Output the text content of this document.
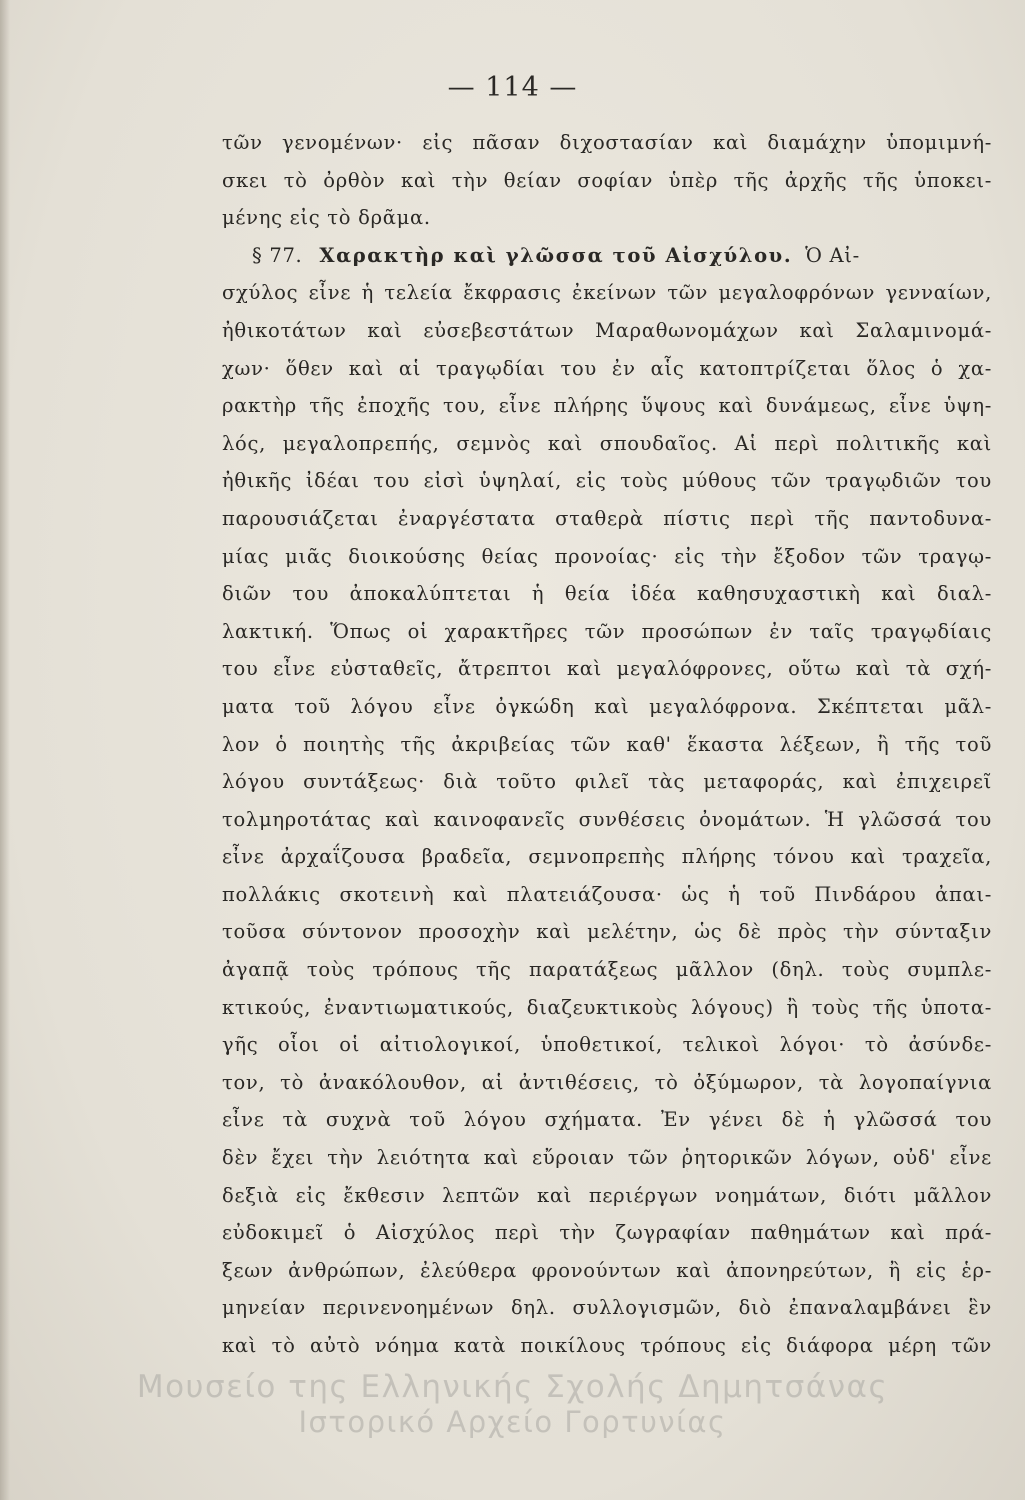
— 114 —
τῶν γενομένων· εἰς πᾶσαν διχοστασίαν καὶ διαμάχην ὑπομιμνή-
σκει τὸ ὀρθὸν καὶ τὴν θείαν σοφίαν ὑπὲρ τῆς ἀρχῆς τῆς ὑποκει-
μένης εἰς τὸ δρᾶμα.
§ 77. Χαρακτὴρ καὶ γλῶσσα τοῦ Αἰσχύλου. Ὁ Αἰ-
σχύλος εἶνε ἡ τελεία ἔκφρασις ἐκείνων τῶν μεγαλοφρόνων γενναίων,
ἠθικοτάτων καὶ εὐσεβεστάτων Μαραθωνομάχων καὶ Σαλαμινομά-
χων· ὅθεν καὶ αἱ τραγῳδίαι του ἐν αἷς κατοπτρίζεται ὅλος ὁ χα-
ρακτὴρ τῆς ἐποχῆς του, εἶνε πλήρης ὕψους καὶ δυνάμεως, εἶνε ὑψη-
λός, μεγαλοπρεπής, σεμνὸς καὶ σπουδαῖος. Αἱ περὶ πολιτικῆς καὶ
ἠθικῆς ἰδέαι του εἰσὶ ὑψηλαί, εἰς τοὺς μύθους τῶν τραγῳδιῶν του
παρουσιάζεται ἐναργέστατα σταθερὰ πίστις περὶ τῆς παντοδυνα-
μίας μιᾶς διοικούσης θείας προνοίας· εἰς τὴν ἔξοδον τῶν τραγῳ-
διῶν του ἀποκαλύπτεται ἡ θεία ἰδέα καθησυχαστικὴ καὶ διαλ-
λακτική. Ὅπως οἱ χαρακτῆρες τῶν προσώπων ἐν ταῖς τραγῳδίαις
του εἶνε εὐσταθεῖς, ἄτρεπτοι καὶ μεγαλόφρονες, οὕτω καὶ τὰ σχή-
ματα τοῦ λόγου εἶνε ὀγκώδη καὶ μεγαλόφρονα. Σκέπτεται μᾶλ-
λον ὁ ποιητὴς τῆς ἀκριβείας τῶν καθ' ἕκαστα λέξεων, ἢ τῆς τοῦ
λόγου συντάξεως· διὰ τοῦτο φιλεῖ τὰς μεταφοράς, καὶ ἐπιχειρεῖ
τολμηροτάτας καὶ καινοφανεῖς συνθέσεις ὀνομάτων. Ἡ γλῶσσά του
εἶνε ἀρχαΐζουσα βραδεῖα, σεμνοπρεπὴς πλήρης τόνου καὶ τραχεῖα,
πολλάκις σκοτεινὴ καὶ πλατειάζουσα· ὡς ἡ τοῦ Πινδάρου ἀπαι-
τοῦσα σύντονον προσοχὴν καὶ μελέτην, ὡς δὲ πρὸς τὴν σύνταξιν
ἀγαπᾷ τοὺς τρόπους τῆς παρατάξεως μᾶλλον (δηλ. τοὺς συμπλε-
κτικούς, ἐναντιωματικούς, διαζευκτικοὺς λόγους) ἢ τοὺς τῆς ὑποτα-
γῆς οἷοι οἱ αἰτιολογικοί, ὑποθετικοί, τελικοὶ λόγοι· τὸ ἀσύνδε-
τον, τὸ ἀνακόλουθον, αἱ ἀντιθέσεις, τὸ ὀξύμωρον, τὰ λογοπαίγνια
εἶνε τὰ συχνὰ τοῦ λόγου σχήματα. Ἐν γένει δὲ ἡ γλῶσσά του
δὲν ἔχει τὴν λειότητα καὶ εὔροιαν τῶν ῥητορικῶν λόγων, οὐδ' εἶνε
δεξιὰ εἰς ἔκθεσιν λεπτῶν καὶ περιέργων νοημάτων, διότι μᾶλλον
εὐδοκιμεῖ ὁ Αἰσχύλος περὶ τὴν ζωγραφίαν παθημάτων καὶ πρά-
ξεων ἀνθρώπων, ἐλεύθερα φρονούντων καὶ ἀπονηρεύτων, ἢ εἰς ἑρ-
μηνείαν περινενοημένων δηλ. συλλογισμῶν, διὸ ἐπαναλαμβάνει ἓν
καὶ τὸ αὐτὸ νόημα κατὰ ποικίλους τρόπους εἰς διάφορα μέρη τῶν
Μουσείο της Ελληνικής Σχολής Δημητσάνας
Ιστορικό Αρχείο Γορτυνίας
